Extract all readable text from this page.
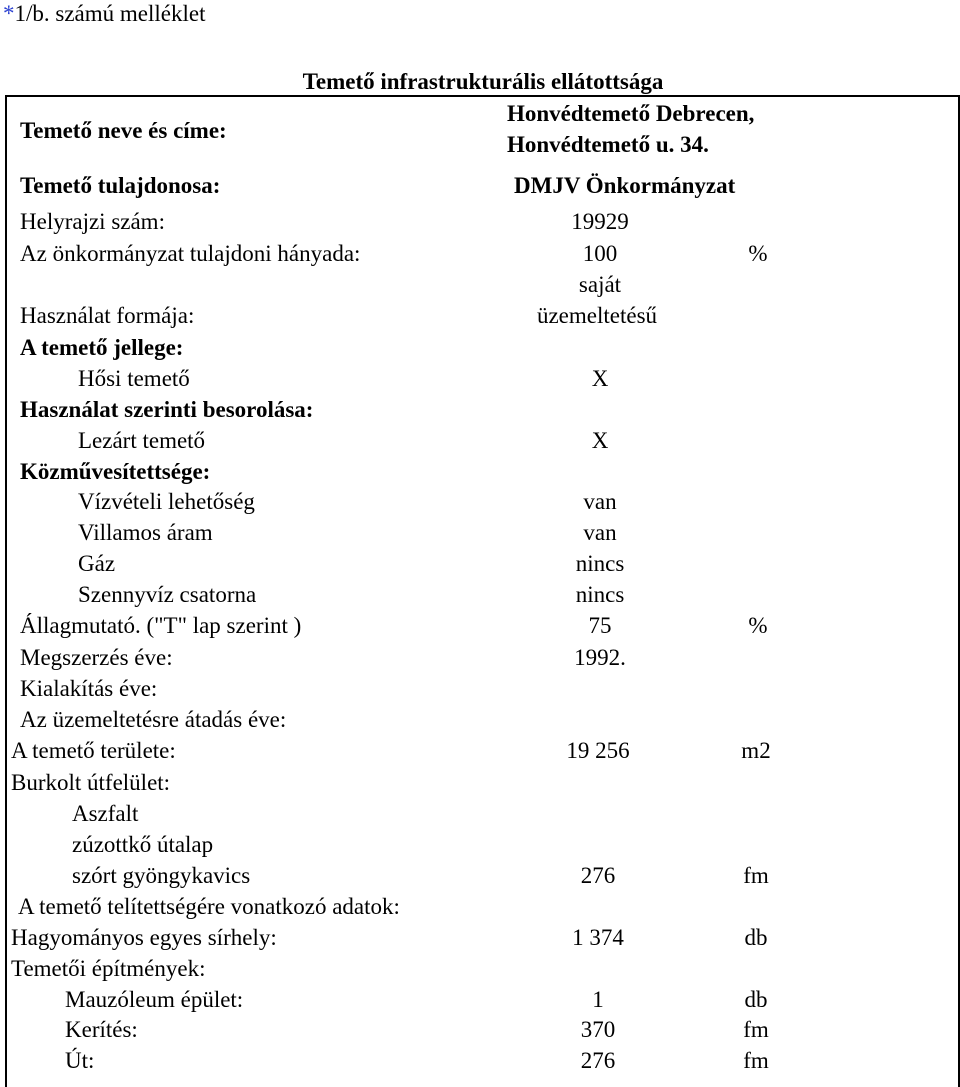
*1/b. számú melléklet
Temető infrastrukturális ellátottsága
Temető neve és címe:
Honvédtemető Debrecen,
Honvédtemető u. 34.
Temető tulajdonosa:	DMJV Önkormányzat
Helyrajzi szám:	19929
Az önkormányzat tulajdoni hányada:	100	%
saját
Használat formája:	üzemeltetésű
A temető jellege:
Hősi temető	X
Használat szerinti besorolása:
Lezárt temető	X
Közművesítettsége:
Vízvételi lehetőség	van
Villamos áram	van
Gáz	nincs
Szennyvíz csatorna	nincs
Állagmutató. ("T" lap szerint )	75	%
Megszerzés éve:	1992.
Kialakítás éve:
Az üzemeltetésre átadás éve:
A temető területe:	19 256	m2
Burkolt útfelület:
Aszfalt
zúzottkő útalap
szórt gyöngykavics	276	fm
A temető telítettségére vonatkozó adatok:
Hagyományos egyes sírhely:	1 374	db
Temetői építmények:
Mauzóleum épület:	1	db
Kerítés:	370	fm
Út:	276	fm
